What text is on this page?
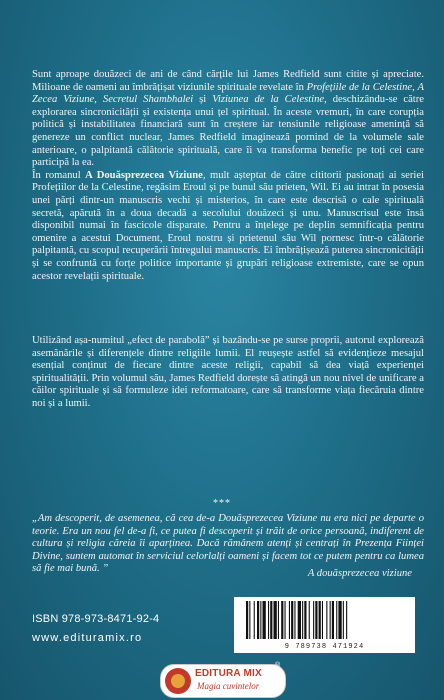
Sunt aproape douăzeci de ani de când cărțile lui James Redfield sunt citite și apreciate. Milioane de oameni au îmbrățișat viziunile spirituale revelate în Profețiile de la Celestine, A Zecea Viziune, Secretul Shambhalei și Viziunea de la Celestine, deschizându-se către explorarea sincronicității și existența unui țel spiritual. În aceste vremuri, în care corupția politică și instabilitatea financiară sunt în creștere iar tensiunile religioase amenință să genereze un conflict nuclear, James Redfield imaginează pornind de la volumele sale anterioare, o palpitantă călătorie spirituală, care îi va transforma benefic pe toți cei care participă la ea.

În romanul A Douăsprezecea Viziune, mult așteptat de către cititorii pasionați ai seriei Profețiilor de la Celestine, regăsim Eroul și pe bunul său prieten, Wil. Ei au intrat în posesia unei părți dintr-un manuscris vechi și misterios, în care este descrisă o cale spirituală secretă, apărută în a doua decadă a secolului douăzeci și unu. Manuscrisul este însă disponibil numai în fascicole disparate. Pentru a înțelege pe deplin semnificația pentru omenire a acestui Document, Eroul nostru și prietenul său Wil pornesc într-o călătorie palpitantă, cu scopul recuperării întregului manuscris. Ei îmbrățișează puterea sincronicității și se confruntă cu forțe politice importante și grupări religioase extremiste, care se opun acestor revelații spirituale.

Utilizând așa-numitul „efect de parabolă” și bazându-se pe surse proprii, autorul explorează asemănările și diferențele dintre religiile lumii. El reușește astfel să evidențieze mesajul esențial conținut de fiecare dintre aceste religii, capabil să dea viață experienței spiritualității. Prin volumul său, James Redfield dorește să atingă un nou nivel de unificare a căilor spirituale și să formuleze idei reformatoare, care să transforme viața fiecăruia dintre noi și a lumii.

***

„Am descoperit, de asemenea, că cea de-a Douăsprezecea Viziune nu era nici pe departe o teorie. Era un nou fel de-a fi, ce putea fi descoperit și trăit de orice persoană, indiferent de cultura și religia căreia îi aparținea. Dacă rămânem atenți și centrați în Prezența Ființei Divine, suntem automat în serviciul celorlalți oameni și facem tot ce putem pentru ca lumea să fie mai bună. ”	A douăsprezecea viziune
ISBN 978-973-8471-92-4
www.edituramix.ro
9 789738 471924
EDITURA MIX
Magia cuvintelor
®
